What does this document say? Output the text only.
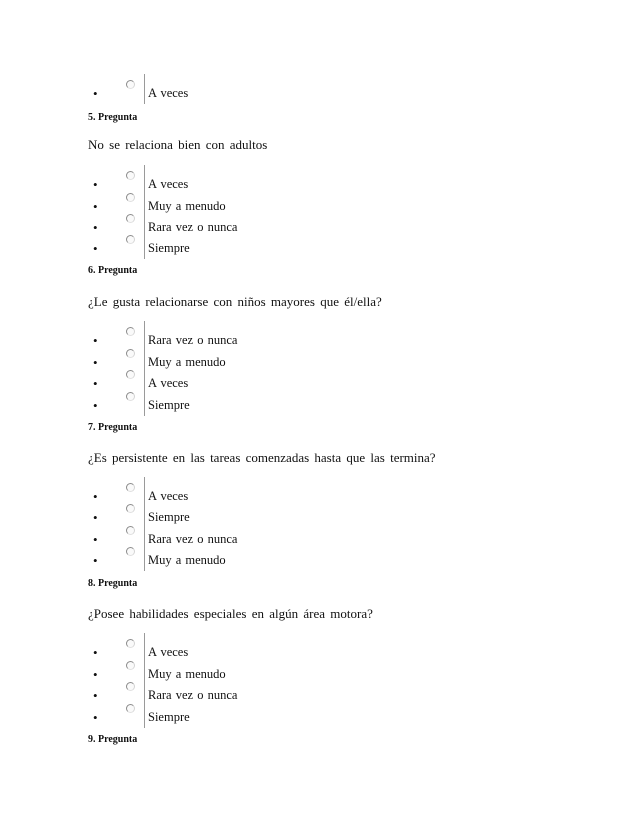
•	A veces
5. Pregunta
No se relaciona bien con adultos
•	A veces
•	Muy a menudo
•	Rara vez o nunca
•	Siempre
6. Pregunta
¿Le gusta relacionarse con niños mayores que él/ella?
•	Rara vez o nunca
•	Muy a menudo
•	A veces
•	Siempre
7. Pregunta
¿Es persistente en las tareas comenzadas hasta que las termina?
•	A veces
•	Siempre
•	Rara vez o nunca
•	Muy a menudo
8. Pregunta
¿Posee habilidades especiales en algún área motora?
•	A veces
•	Muy a menudo
•	Rara vez o nunca
•	Siempre
9. Pregunta
